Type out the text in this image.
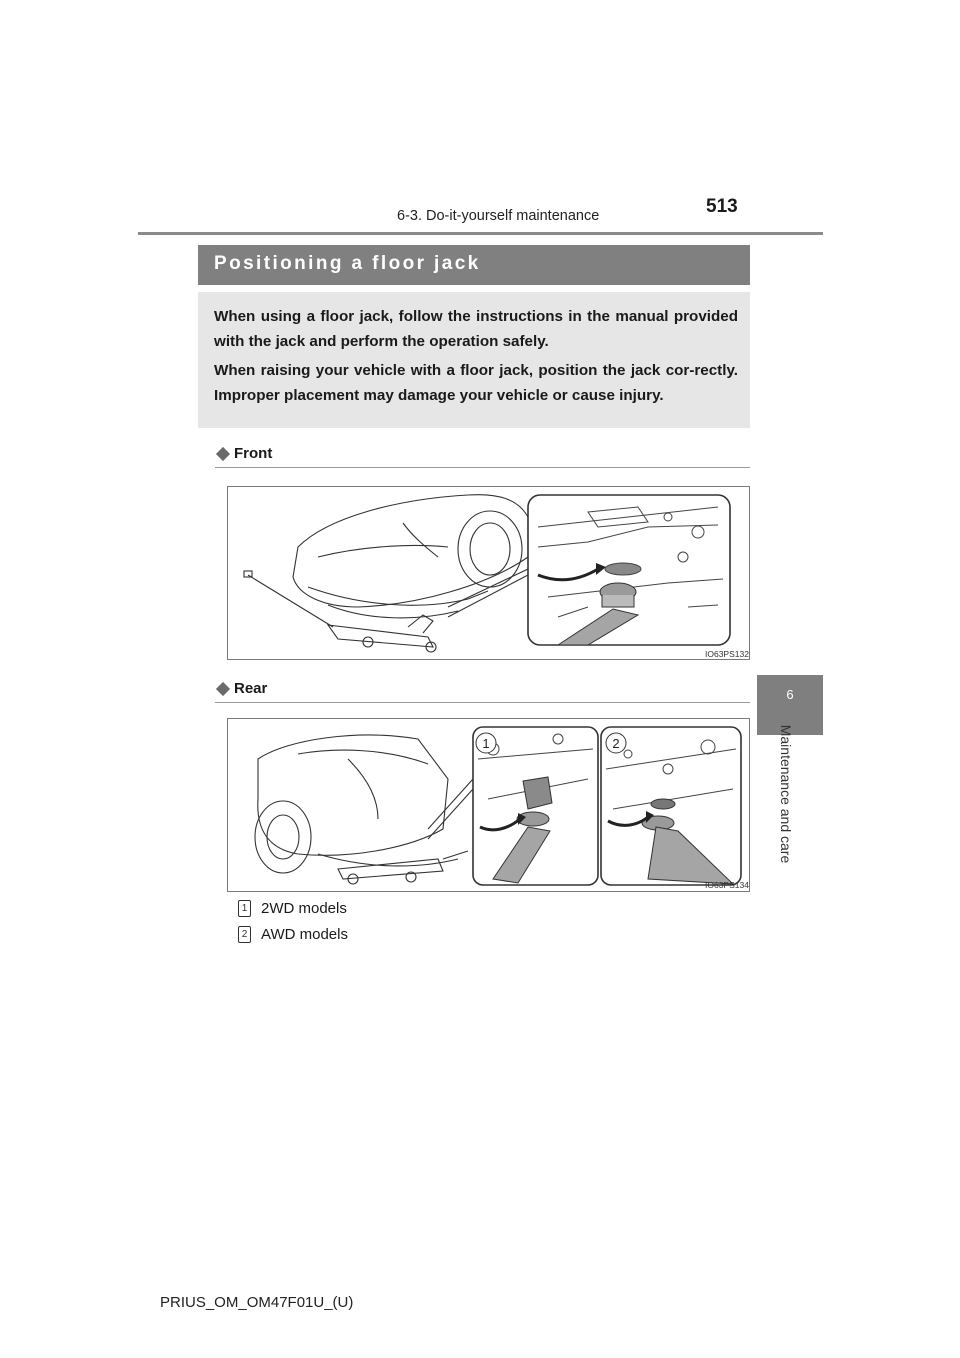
513
6-3. Do-it-yourself maintenance
6
Maintenance and care
Positioning a floor jack

When using a floor jack, follow the instructions in the manual provided with the jack and perform the operation safely.

When raising your vehicle with a floor jack, position the jack cor-rectly. Improper placement may damage your vehicle or cause injury.

Front
IO63PS132
Rear
1	2
IO63PS134
1 2WD models
2 AWD models
PRIUS_OM_OM47F01U_(U)
